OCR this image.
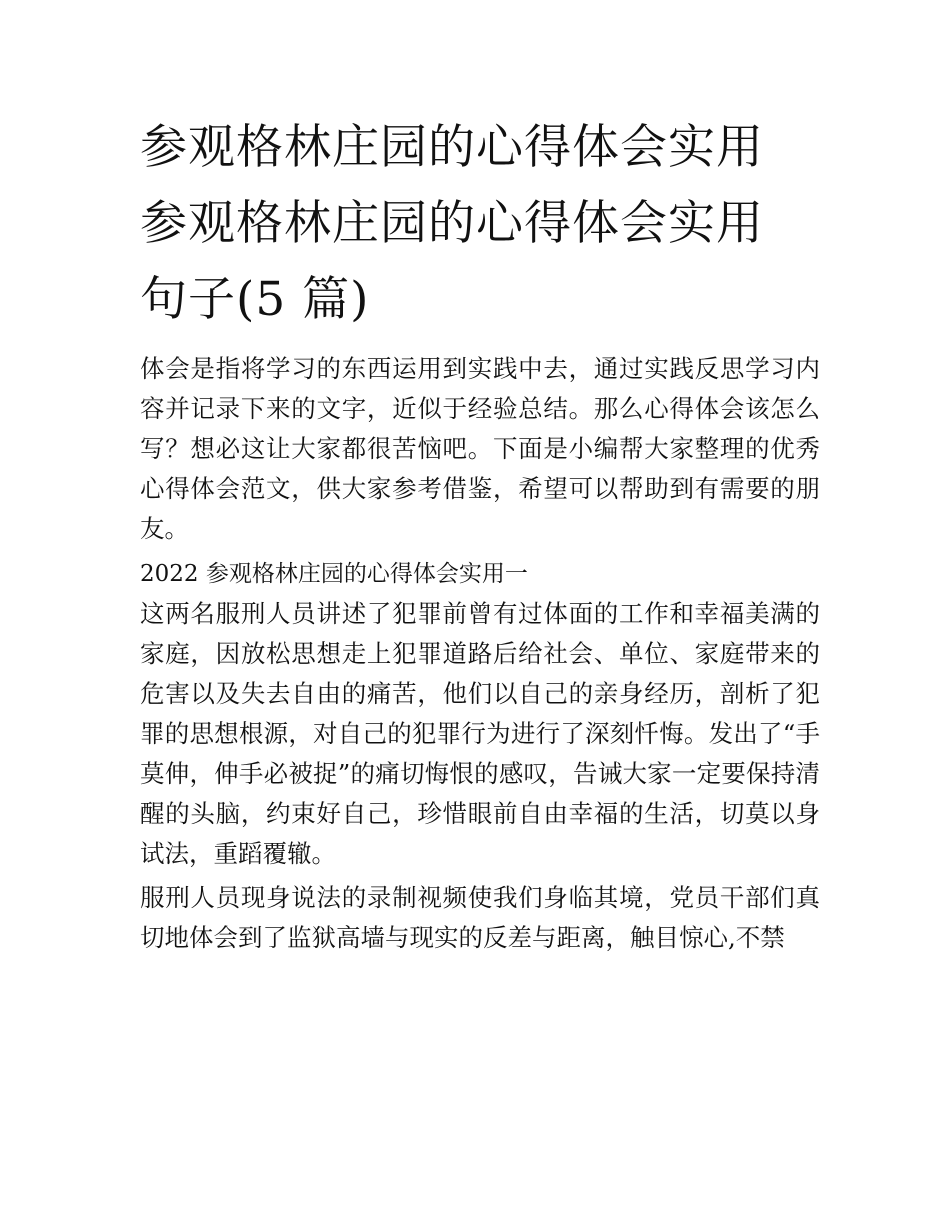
参观格林庄园的心得体会实用
参观格林庄园的心得体会实用
句子(5 篇)

体会是指将学习的东西运用到实践中去，通过实践反思学习内容并记录下来的文字，近似于经验总结。那么心得体会该怎么写？想必这让大家都很苦恼吧。下面是小编帮大家整理的优秀心得体会范文，供大家参考借鉴，希望可以帮助到有需要的朋友。

2022 参观格林庄园的心得体会实用一

这两名服刑人员讲述了犯罪前曾有过体面的工作和幸福美满的家庭，因放松思想走上犯罪道路后给社会、单位、家庭带来的危害以及失去自由的痛苦，他们以自己的亲身经历，剖析了犯罪的思想根源，对自己的犯罪行为进行了深刻忏悔。发出了“手莫伸，伸手必被捉”的痛切悔恨的感叹，告诫大家一定要保持清醒的头脑，约束好自己，珍惜眼前自由幸福的生活，切莫以身试法，重蹈覆辙。

服刑人员现身说法的录制视频使我们身临其境，党员干部们真切地体会到了监狱高墙与现实的反差与距离，触目惊心,不禁
